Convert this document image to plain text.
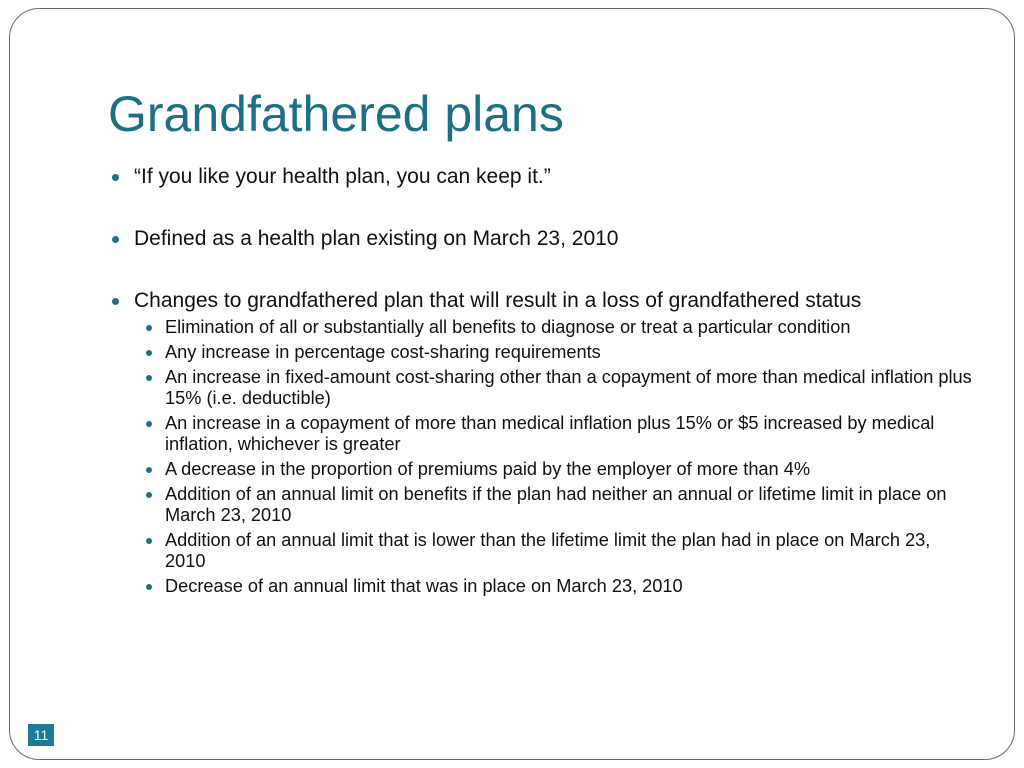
Grandfathered plans
“If you like your health plan, you can keep it.”
Defined as a health plan existing on March 23, 2010
Changes to grandfathered plan that will result in a loss of grandfathered status
Elimination of all or substantially all benefits to diagnose or treat a particular condition
Any increase in percentage cost-sharing requirements
An increase in fixed-amount cost-sharing other than a copayment of more than medical inflation plus 15% (i.e. deductible)
An increase in a copayment of more than medical inflation plus 15% or $5 increased by medical inflation, whichever is greater
A decrease in the proportion of premiums paid by the employer of more than 4%
Addition of an annual limit on benefits if the plan had neither an annual or lifetime limit in place on March 23, 2010
Addition of an annual limit that is lower than the lifetime limit the plan had in place on March 23, 2010
Decrease of an annual limit that was in place on March 23, 2010
11
